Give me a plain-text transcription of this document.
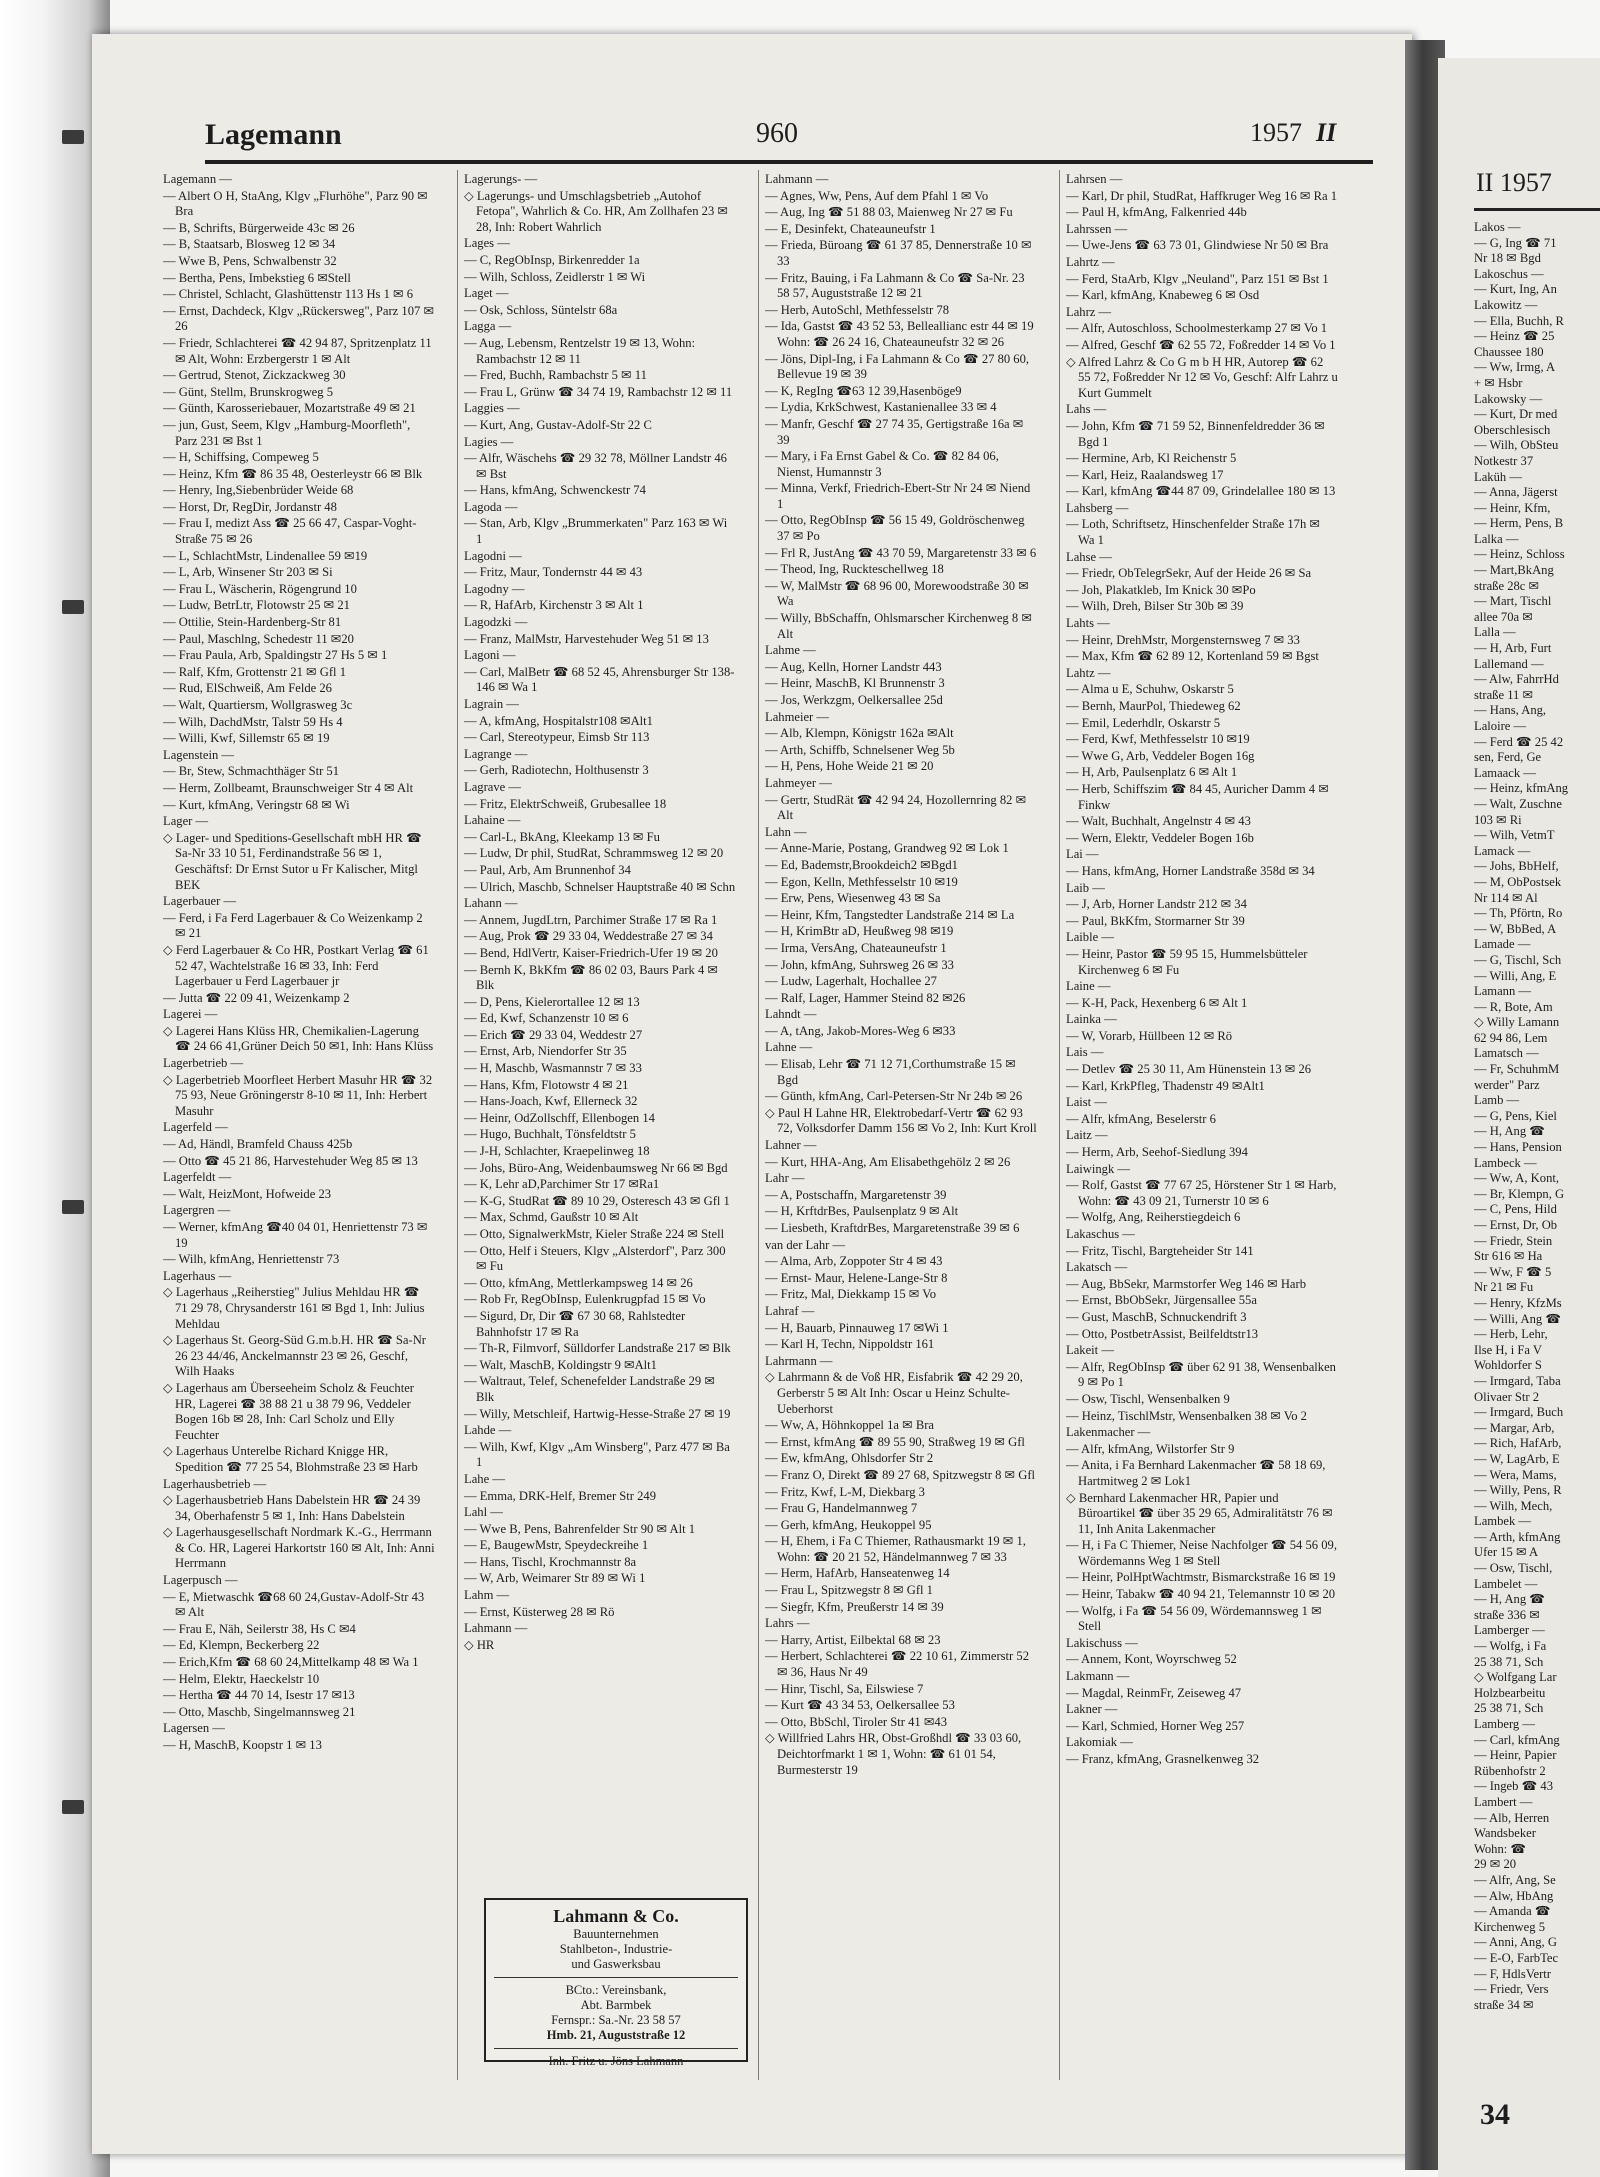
Lagemann	960	1957 II
Lagemann —
— Albert O H, StaAng, Klgv „Flurhöhe", Parz 90 ✉ Bra
— B, Schrifts, Bürgerweide 43c ✉ 26
— B, Staatsarb, Blosweg 12 ✉ 34
— Wwe B, Pens, Schwalbenstr 32
— Bertha, Pens, Imbekstieg 6 ✉Stell
— Christel, Schlacht, Glashüttenstr 113 Hs 1 ✉ 6
— Ernst, Dachdeck, Klgv „Rückersweg", Parz 107 ✉ 26
— Friedr, Schlachterei ☎ 42 94 87, Spritzenplatz 11 ✉ Alt, Wohn: Erzbergerstr 1 ✉ Alt
— Gertrud, Stenot, Zickzackweg 30
— Günt, Stellm, Brunskrogweg 5
— Günth, Karosseriebauer, Mozartstraße 49 ✉ 21
— jun, Gust, Seem, Klgv „Hamburg-Moorfleth", Parz 231 ✉ Bst 1
— H, Schiffsing, Compeweg 5
— Heinz, Kfm ☎ 86 35 48, Oesterleystr 66 ✉ Blk
— Henry, Ing,Siebenbrüder Weide 68
— Horst, Dr, RegDir, Jordanstr 48
— Frau I, medizt Ass ☎ 25 66 47, Caspar-Voght-Straße 75 ✉ 26
— L, SchlachtMstr, Lindenallee 59 ✉19
— L, Arb, Winsener Str 203 ✉ Si
— Frau L, Wäscherin, Rögengrund 10
— Ludw, BetrLtr, Flotowstr 25 ✉ 21
— Ottilie, Stein-Hardenberg-Str 81
— Paul, Maschlng, Schedestr 11 ✉20
— Frau Paula, Arb, Spaldingstr 27 Hs 5 ✉ 1
— Ralf, Kfm, Grottenstr 21 ✉ Gfl 1
— Rud, ElSchweiß, Am Felde 26
— Walt, Quartiersm, Wollgrasweg 3c
— Wilh, DachdMstr, Talstr 59 Hs 4
— Willi, Kwf, Sillemstr 65 ✉ 19
Lagenstein —
— Br, Stew, Schmachthäger Str 51
— Herm, Zollbeamt, Braunschweiger Str 4 ✉ Alt
— Kurt, kfmAng, Veringstr 68 ✉ Wi
Lager —
◇ Lager- und Speditions-Gesellschaft mbH HR ☎ Sa-Nr 33 10 51, Ferdinandstraße 56 ✉ 1, Geschäftsf: Dr Ernst Sutor u Fr Kalischer, Mitgl BEK
Lagerbauer —
— Ferd, i Fa Ferd Lagerbauer & Co Weizenkamp 2 ✉ 21
◇ Ferd Lagerbauer & Co HR, Postkart Verlag ☎ 61 52 47, Wachtelstraße 16 ✉ 33, Inh: Ferd Lagerbauer u Ferd Lagerbauer jr
— Jutta ☎ 22 09 41, Weizenkamp 2
Lagerei —
◇ Lagerei Hans Klüss HR, Chemikalien-Lagerung ☎ 24 66 41,Grüner Deich 50 ✉1, Inh: Hans Klüss
Lagerbetrieb —
◇ Lagerbetrieb Moorfleet Herbert Masuhr HR ☎ 32 75 93, Neue Gröningerstr 8-10 ✉ 11, Inh: Herbert Masuhr
Lagerfeld —
— Ad, Händl, Bramfeld Chauss 425b
— Otto ☎ 45 21 86, Harvestehuder Weg 85 ✉ 13
Lagerfeldt —
— Walt, HeizMont, Hofweide 23
Lagergren —
— Werner, kfmAng ☎40 04 01, Henriettenstr 73 ✉ 19
— Wilh, kfmAng, Henriettenstr 73
Lagerhaus —
◇ Lagerhaus „Reiherstieg" Julius Mehldau HR ☎ 71 29 78, Chrysanderstr 161 ✉ Bgd 1, Inh: Julius Mehldau
◇ Lagerhaus St. Georg-Süd G.m.b.H. HR ☎ Sa-Nr 26 23 44/46, Anckelmannstr 23 ✉ 26, Geschf, Wilh Haaks
◇ Lagerhaus am Überseeheim Scholz & Feuchter HR, Lagerei ☎ 38 88 21 u 38 79 96, Veddeler Bogen 16b ✉ 28, Inh: Carl Scholz und Elly Feuchter
◇ Lagerhaus Unterelbe Richard Knigge HR, Spedition ☎ 77 25 54, Blohmstraße 23 ✉ Harb
Lagerhausbetrieb —
◇ Lagerhausbetrieb Hans Dabelstein HR ☎ 24 39 34, Oberhafenstr 5 ✉ 1, Inh: Hans Dabelstein
◇ Lagerhausgesellschaft Nordmark K.-G., Herrmann & Co. HR, Lagerei Harkortstr 160 ✉ Alt, Inh: Anni Herrmann
Lagerpusch —
— E, Mietwaschk ☎68 60 24,Gustav-Adolf-Str 43 ✉ Alt
— Frau E, Näh, Seilerstr 38, Hs C ✉4
— Ed, Klempn, Beckerberg 22
— Erich,Kfm ☎ 68 60 24,Mittelkamp 48 ✉ Wa 1
— Helm, Elektr, Haeckelstr 10
— Hertha ☎ 44 70 14, Isestr 17 ✉13
— Otto, Maschb, Singelmannsweg 21
Lagersen —
— H, MaschB, Koopstr 1 ✉ 13
Lagerungs- —
◇ Lagerungs- und Umschlagsbetrieb „Autohof Fetopa", Wahrlich & Co. HR, Am Zollhafen 23 ✉ 28, Inh: Robert Wahrlich
Lages —
— C, RegObInsp, Birkenredder 1a
— Wilh, Schloss, Zeidlerstr 1 ✉ Wi
Laget —
— Osk, Schloss, Süntelstr 68a
Lagga —
— Aug, Lebensm, Rentzelstr 19 ✉ 13, Wohn: Rambachstr 12 ✉ 11
— Fred, Buchh, Rambachstr 5 ✉ 11
— Frau L, Grünw ☎ 34 74 19, Rambachstr 12 ✉ 11
Laggies —
— Kurt, Ang, Gustav-Adolf-Str 22 C
Lagies —
— Alfr, Wäschehs ☎ 29 32 78, Möllner Landstr 46 ✉ Bst
— Hans, kfmAng, Schwenckestr 74
Lagoda —
— Stan, Arb, Klgv „Brummerkaten" Parz 163 ✉ Wi 1
Lagodni —
— Fritz, Maur, Tondernstr 44 ✉ 43
Lagodny —
— R, HafArb, Kirchenstr 3 ✉ Alt 1
Lagodzki —
— Franz, MalMstr, Harvestehuder Weg 51 ✉ 13
Lagoni —
— Carl, MalBetr ☎ 68 52 45, Ahrensburger Str 138-146 ✉ Wa 1
Lagrain —
— A, kfmAng, Hospitalstr108 ✉Alt1
— Carl, Stereotypeur, Eimsb Str 113
Lagrange —
— Gerh, Radiotechn, Holthusenstr 3
Lagrave —
— Fritz, ElektrSchweiß, Grubesallee 18
Lahaine —
— Carl-L, BkAng, Kleekamp 13 ✉ Fu
— Ludw, Dr phil, StudRat, Schrammsweg 12 ✉ 20
— Paul, Arb, Am Brunnenhof 34
— Ulrich, Maschb, Schnelser Hauptstraße 40 ✉ Schn
Lahann —
— Annem, JugdLtrn, Parchimer Straße 17 ✉ Ra 1
— Aug, Prok ☎ 29 33 04, Weddestraße 27 ✉ 34
— Bend, HdlVertr, Kaiser-Friedrich-Ufer 19 ✉ 20
— Bernh K, BkKfm ☎ 86 02 03, Baurs Park 4 ✉ Blk
— D, Pens, Kielerortallee 12 ✉ 13
— Ed, Kwf, Schanzenstr 10 ✉ 6
— Erich ☎ 29 33 04, Weddestr 27
— Ernst, Arb, Niendorfer Str 35
— H, Maschb, Wasmannstr 7 ✉ 33
— Hans, Kfm, Flotowstr 4 ✉ 21
— Hans-Joach, Kwf, Ellerneck 32
— Heinr, OdZollschff, Ellenbogen 14
— Hugo, Buchhalt, Tönsfeldtstr 5
— J-H, Schlachter, Kraepelinweg 18
— Johs, Büro-Ang, Weidenbaumsweg Nr 66 ✉ Bgd
— K, Lehr aD,Parchimer Str 17 ✉Ra1
— K-G, StudRat ☎ 89 10 29, Osteresch 43 ✉ Gfl 1
— Max, Schmd, Gaußstr 10 ✉ Alt
— Otto, SignalwerkMstr, Kieler Straße 224 ✉ Stell
— Otto, Helf i Steuers, Klgv „Alsterdorf", Parz 300 ✉ Fu
— Otto, kfmAng, Mettlerkampsweg 14 ✉ 26
— Rob Fr, RegObInsp, Eulenkrugpfad 15 ✉ Vo
— Sigurd, Dr, Dir ☎ 67 30 68, Rahlstedter Bahnhofstr 17 ✉ Ra
— Th-R, Filmvorf, Sülldorfer Landstraße 217 ✉ Blk
— Walt, MaschB, Koldingstr 9 ✉Alt1
— Waltraut, Telef, Schenefelder Landstraße 29 ✉ Blk
— Willy, Metschleif, Hartwig-Hesse-Straße 27 ✉ 19
Lahde —
— Wilh, Kwf, Klgv „Am Winsberg", Parz 477 ✉ Ba 1
Lahe —
— Emma, DRK-Helf, Bremer Str 249
Lahl —
— Wwe B, Pens, Bahrenfelder Str 90 ✉ Alt 1
— E, BaugewMstr, Speydeckreihe 1
— Hans, Tischl, Krochmannstr 8a
— W, Arb, Weimarer Str 89 ✉ Wi 1
Lahm —
— Ernst, Küsterweg 28 ✉ Rö
Lahmann —
◇ HR
Lahmann —
— Agnes, Ww, Pens, Auf dem Pfahl 1 ✉ Vo
— Aug, Ing ☎ 51 88 03, Maienweg Nr 27 ✉ Fu
— E, Desinfekt, Chateauneufstr 1
— Frieda, Büroang ☎ 61 37 85, Dennerstraße 10 ✉ 33
— Fritz, Bauing, i Fa Lahmann & Co ☎ Sa-Nr. 23 58 57, Auguststraße 12 ✉ 21
— Herb, AutoSchl, Methfesselstr 78
— Ida, Gastst ☎ 43 52 53, Belleallianc estr 44 ✉ 19 Wohn: ☎ 26 24 16, Chateauneufstr 32 ✉ 26
— Jöns, Dipl-Ing, i Fa Lahmann & Co ☎ 27 80 60, Bellevue 19 ✉ 39
— K, RegIng ☎63 12 39,Hasenböge9
— Lydia, KrkSchwest, Kastanienallee 33 ✉ 4
— Manfr, Geschf ☎ 27 74 35, Gertigstraße 16a ✉ 39
— Mary, i Fa Ernst Gabel & Co. ☎ 82 84 06, Nienst, Humannstr 3
— Minna, Verkf, Friedrich-Ebert-Str Nr 24 ✉ Niend 1
— Otto, RegObInsp ☎ 56 15 49, Goldröschenweg 37 ✉ Po
— Frl R, JustAng ☎ 43 70 59, Margaretenstr 33 ✉ 6
— Theod, Ing, Ruckteschellweg 18
— W, MalMstr ☎ 68 96 00, Morewoodstraße 30 ✉ Wa
— Willy, BbSchaffn, Ohlsmarscher Kirchenweg 8 ✉ Alt
Lahme —
— Aug, Kelln, Horner Landstr 443
— Heinr, MaschB, Kl Brunnenstr 3
— Jos, Werkzgm, Oelkersallee 25d
Lahmeier —
— Alb, Klempn, Königstr 162a ✉Alt
— Arth, Schiffb, Schnelsener Weg 5b
— H, Pens, Hohe Weide 21 ✉ 20
Lahmeyer —
— Gertr, StudRät ☎ 42 94 24, Hozollernring 82 ✉ Alt
Lahn —
— Anne-Marie, Postang, Grandweg 92 ✉ Lok 1
— Ed, Bademstr,Brookdeich2 ✉Bgd1
— Egon, Kelln, Methfesselstr 10 ✉19
— Erw, Pens, Wiesenweg 43 ✉ Sa
— Heinr, Kfm, Tangstedter Landstraße 214 ✉ La
— H, KrimBtr aD, Heußweg 98 ✉19
— Irma, VersAng, Chateauneufstr 1
— John, kfmAng, Suhrsweg 26 ✉ 33
— Ludw, Lagerhalt, Hochallee 27
— Ralf, Lager, Hammer Steind 82 ✉26
Lahndt —
— A, tAng, Jakob-Mores-Weg 6 ✉33
Lahne —
— Elisab, Lehr ☎ 71 12 71,Corthumstraße 15 ✉ Bgd
— Günth, kfmAng, Carl-Petersen-Str Nr 24b ✉ 26
◇ Paul H Lahne HR, Elektrobedarf-Vertr ☎ 62 93 72, Volksdorfer Damm 156 ✉ Vo 2, Inh: Kurt Kroll
Lahner —
— Kurt, HHA-Ang, Am Elisabethgehölz 2 ✉ 26
Lahr —
— A, Postschaffn, Margaretenstr 39
— H, KrftdrBes, Paulsenplatz 9 ✉ Alt
— Liesbeth, KraftdrBes, Margaretenstraße 39 ✉ 6
van der Lahr —
— Alma, Arb, Zoppoter Str 4 ✉ 43
— Ernst- Maur, Helene-Lange-Str 8
— Fritz, Mal, Diekkamp 15 ✉ Vo
Lahraf —
— H, Bauarb, Pinnauweg 17 ✉Wi 1
— Karl H, Techn, Nippoldstr 161
Lahrmann —
◇ Lahrmann & de Voß HR, Eisfabrik ☎ 42 29 20, Gerberstr 5 ✉ Alt Inh: Oscar u Heinz Schulte-Ueberhorst
— Ww, A, Höhnkoppel 1a ✉ Bra
— Ernst, kfmAng ☎ 89 55 90, Straßweg 19 ✉ Gfl
— Ew, kfmAng, Ohlsdorfer Str 2
— Franz O, Direkt ☎ 89 27 68, Spitzwegstr 8 ✉ Gfl
— Fritz, Kwf, L-M, Diekbarg 3
— Frau G, Handelmannweg 7
— Gerh, kfmAng, Heukoppel 95
— H, Ehem, i Fa C Thiemer, Rathausmarkt 19 ✉ 1, Wohn: ☎ 20 21 52, Händelmannweg 7 ✉ 33
— Herm, HafArb, Hanseatenweg 14
— Frau L, Spitzwegstr 8 ✉ Gfl 1
— Siegfr, Kfm, Preußerstr 14 ✉ 39
Lahrs —
— Harry, Artist, Eilbektal 68 ✉ 23
— Herbert, Schlachterei ☎ 22 10 61, Zimmerstr 52 ✉ 36, Haus Nr 49
— Hinr, Tischl, Sa, Eilswiese 7
— Kurt ☎ 43 34 53, Oelkersallee 53
— Otto, BbSchl, Tiroler Str 41 ✉43
◇ Willfried Lahrs HR, Obst-Großhdl ☎ 33 03 60, Deichtorfmarkt 1 ✉ 1, Wohn: ☎ 61 01 54, Burmesterstr 19
Lahrsen —
— Karl, Dr phil, StudRat, Haffkruger Weg 16 ✉ Ra 1
— Paul H, kfmAng, Falkenried 44b
Lahrssen —
— Uwe-Jens ☎ 63 73 01, Glindwiese Nr 50 ✉ Bra
Lahrtz —
— Ferd, StaArb, Klgv „Neuland", Parz 151 ✉ Bst 1
— Karl, kfmAng, Knabeweg 6 ✉ Osd
Lahrz —
— Alfr, Autoschloss, Schoolmesterkamp 27 ✉ Vo 1
— Alfred, Geschf ☎ 62 55 72, Foßredder 14 ✉ Vo 1
◇ Alfred Lahrz & Co G m b H HR, Autorep ☎ 62 55 72, Foßredder Nr 12 ✉ Vo, Geschf: Alfr Lahrz u Kurt Gummelt
Lahs —
— John, Kfm ☎ 71 59 52, Binnenfeldredder 36 ✉ Bgd 1
— Hermine, Arb, Kl Reichenstr 5
— Karl, Heiz, Raalandsweg 17
— Karl, kfmAng ☎44 87 09, Grindelallee 180 ✉ 13
Lahsberg —
— Loth, Schriftsetz, Hinschenfelder Straße 17h ✉ Wa 1
Lahse —
— Friedr, ObTelegrSekr, Auf der Heide 26 ✉ Sa
— Joh, Plakatkleb, Im Knick 30 ✉Po
— Wilh, Dreh, Bilser Str 30b ✉ 39
Lahts —
— Heinr, DrehMstr, Morgensternsweg 7 ✉ 33
— Max, Kfm ☎ 62 89 12, Kortenland 59 ✉ Bgst
Lahtz —
— Alma u E, Schuhw, Oskarstr 5
— Bernh, MaurPol, Thiedeweg 62
— Emil, Lederhdlr, Oskarstr 5
— Ferd, Kwf, Methfesselstr 10 ✉19
— Wwe G, Arb, Veddeler Bogen 16g
— H, Arb, Paulsenplatz 6 ✉ Alt 1
— Herb, Schiffszim ☎ 84 45, Auricher Damm 4 ✉ Finkw
— Walt, Buchhalt, Angelnstr 4 ✉ 43
— Wern, Elektr, Veddeler Bogen 16b
Lai —
— Hans, kfmAng, Horner Landstraße 358d ✉ 34
Laib —
— J, Arb, Horner Landstr 212 ✉ 34
— Paul, BkKfm, Stormarner Str 39
Laible —
— Heinr, Pastor ☎ 59 95 15, Hummelsbütteler Kirchenweg 6 ✉ Fu
Laine —
— K-H, Pack, Hexenberg 6 ✉ Alt 1
Lainka —
— W, Vorarb, Hüllbeen 12 ✉ Rö
Lais —
— Detlev ☎ 25 30 11, Am Hünenstein 13 ✉ 26
— Karl, KrkPfleg, Thadenstr 49 ✉Alt1
Laist —
— Alfr, kfmAng, Beselerstr 6
Laitz —
— Herm, Arb, Seehof-Siedlung 394
Laiwingk —
— Rolf, Gastst ☎ 77 67 25, Hörstener Str 1 ✉ Harb, Wohn: ☎ 43 09 21, Turnerstr 10 ✉ 6
— Wolfg, Ang, Reiherstiegdeich 6
Lakaschus —
— Fritz, Tischl, Bargteheider Str 141
Lakatsch —
— Aug, BbSekr, Marmstorfer Weg 146 ✉ Harb
— Ernst, BbObSekr, Jürgensallee 55a
— Gust, MaschB, Schnuckendrift 3
— Otto, PostbetrAssist, Beilfeldtstr13
Lakeit —
— Alfr, RegObInsp ☎ über 62 91 38, Wensenbalken 9 ✉ Po 1
— Osw, Tischl, Wensenbalken 9
— Heinz, TischlMstr, Wensenbalken 38 ✉ Vo 2
Lakenmacher —
— Alfr, kfmAng, Wilstorfer Str 9
— Anita, i Fa Bernhard Lakenmacher ☎ 58 18 69, Hartmitweg 2 ✉ Lok1
◇ Bernhard Lakenmacher HR, Papier und Büroartikel ☎ über 35 29 65, Admiralitätstr 76 ✉ 11, Inh Anita Lakenmacher
— H, i Fa C Thiemer, Neise Nachfolger ☎ 54 56 09, Wördemanns Weg 1 ✉ Stell
— Heinr, PolHptWachtmstr, Bismarckstraße 16 ✉ 19
— Heinr, Tabakw ☎ 40 94 21, Telemannstr 10 ✉ 20
— Wolfg, i Fa ☎ 54 56 09, Wördemannsweg 1 ✉ Stell
Lakischuss —
— Annem, Kont, Woyrschweg 52
Lakmann —
— Magdal, ReinmFr, Zeiseweg 47
Lakner —
— Karl, Schmied, Horner Weg 257
Lakomiak —
— Franz, kfmAng, Grasnelkenweg 32
Lahmann & Co.
Bauunternehmen
Stahlbeton-, Industrie-
und Gaswerksbau
BCto.: Vereinsbank,
Abt. Barmbek
Fernspr.: Sa.-Nr. 23 58 57
Hmb. 21, Auguststraße 12
Inh. Fritz u. Jöns Lahmann
II 1957
Lakos —
— G, Ing ☎ 71
Nr 18 ✉ Bgd
Lakoschus —
— Kurt, Ing, An
Lakowitz —
— Ella, Buchh, R
— Heinz ☎ 25
Chaussee 180
— Ww, Irmg, A
+ ✉ Hsbr
Lakowsky —
— Kurt, Dr med
Oberschlesisch
— Wilh, ObSteu
Notkestr 37
Laküh —
— Anna, Jägerst
— Heinr, Kfm,
— Herm, Pens, B
Lalka —
— Heinz, Schloss
— Mart,BkAng
straße 28c ✉
— Mart, Tischl
allee 70a ✉
Lalla —
— H, Arb, Furt
Lallemand —
— Alw, FahrrHd
straße 11 ✉
— Hans, Ang,
Laloire —
— Ferd ☎ 25 42
sen, Ferd, Ge
Lamaack —
— Heinz, kfmAng
— Walt, Zuschne
103 ✉ Ri
— Wilh, VetmT
Lamack —
— Johs, BbHelf,
— M, ObPostsek
Nr 114 ✉ Al
— Th, Pförtn, Ro
— W, BbBed, A
Lamade —
— G, Tischl, Sch
— Willi, Ang, E
Lamann —
— R, Bote, Am
◇ Willy Lamann
62 94 86, Lem
Lamatsch —
— Fr, SchuhmM
werder" Parz
Lamb —
— G, Pens, Kiel
— H, Ang ☎
— Hans, Pension
Lambeck —
— Ww, A, Kont,
— Br, Klempn, G
— C, Pens, Hild
— Ernst, Dr, Ob
— Friedr, Stein
Str 616 ✉ Ha
— Ww, F ☎ 5
Nr 21 ✉ Fu
— Henry, KfzMs
— Willi, Ang ☎
— Herb, Lehr,
Ilse H, i Fa V
Wohldorfer S
— Irmgard, Taba
Olivaer Str 2
— Irmgard, Buch
— Margar, Arb,
— Rich, HafArb,
— W, LagArb, E
— Wera, Mams,
— Willy, Pens, R
— Wilh, Mech,
Lambek —
— Arth, kfmAng
Ufer 15 ✉ A
— Osw, Tischl,
Lambelet —
— H, Ang ☎
straße 336 ✉
Lamberger —
— Wolfg, i Fa
25 38 71, Sch
◇ Wolfgang Lar
Holzbearbeitu
25 38 71, Sch
Lamberg —
— Carl, kfmAng
— Heinr, Papier
Rübenhofstr 2
— Ingeb ☎ 43
Lambert —
— Alb, Herren
Wandsbeker
Wohn: ☎
29 ✉ 20
— Alfr, Ang, Se
— Alw, HbAng
— Amanda ☎
Kirchenweg 5
— Anni, Ang, G
— E-O, FarbTec
— F, HdlsVertr
— Friedr, Vers
straße 34 ✉
34
